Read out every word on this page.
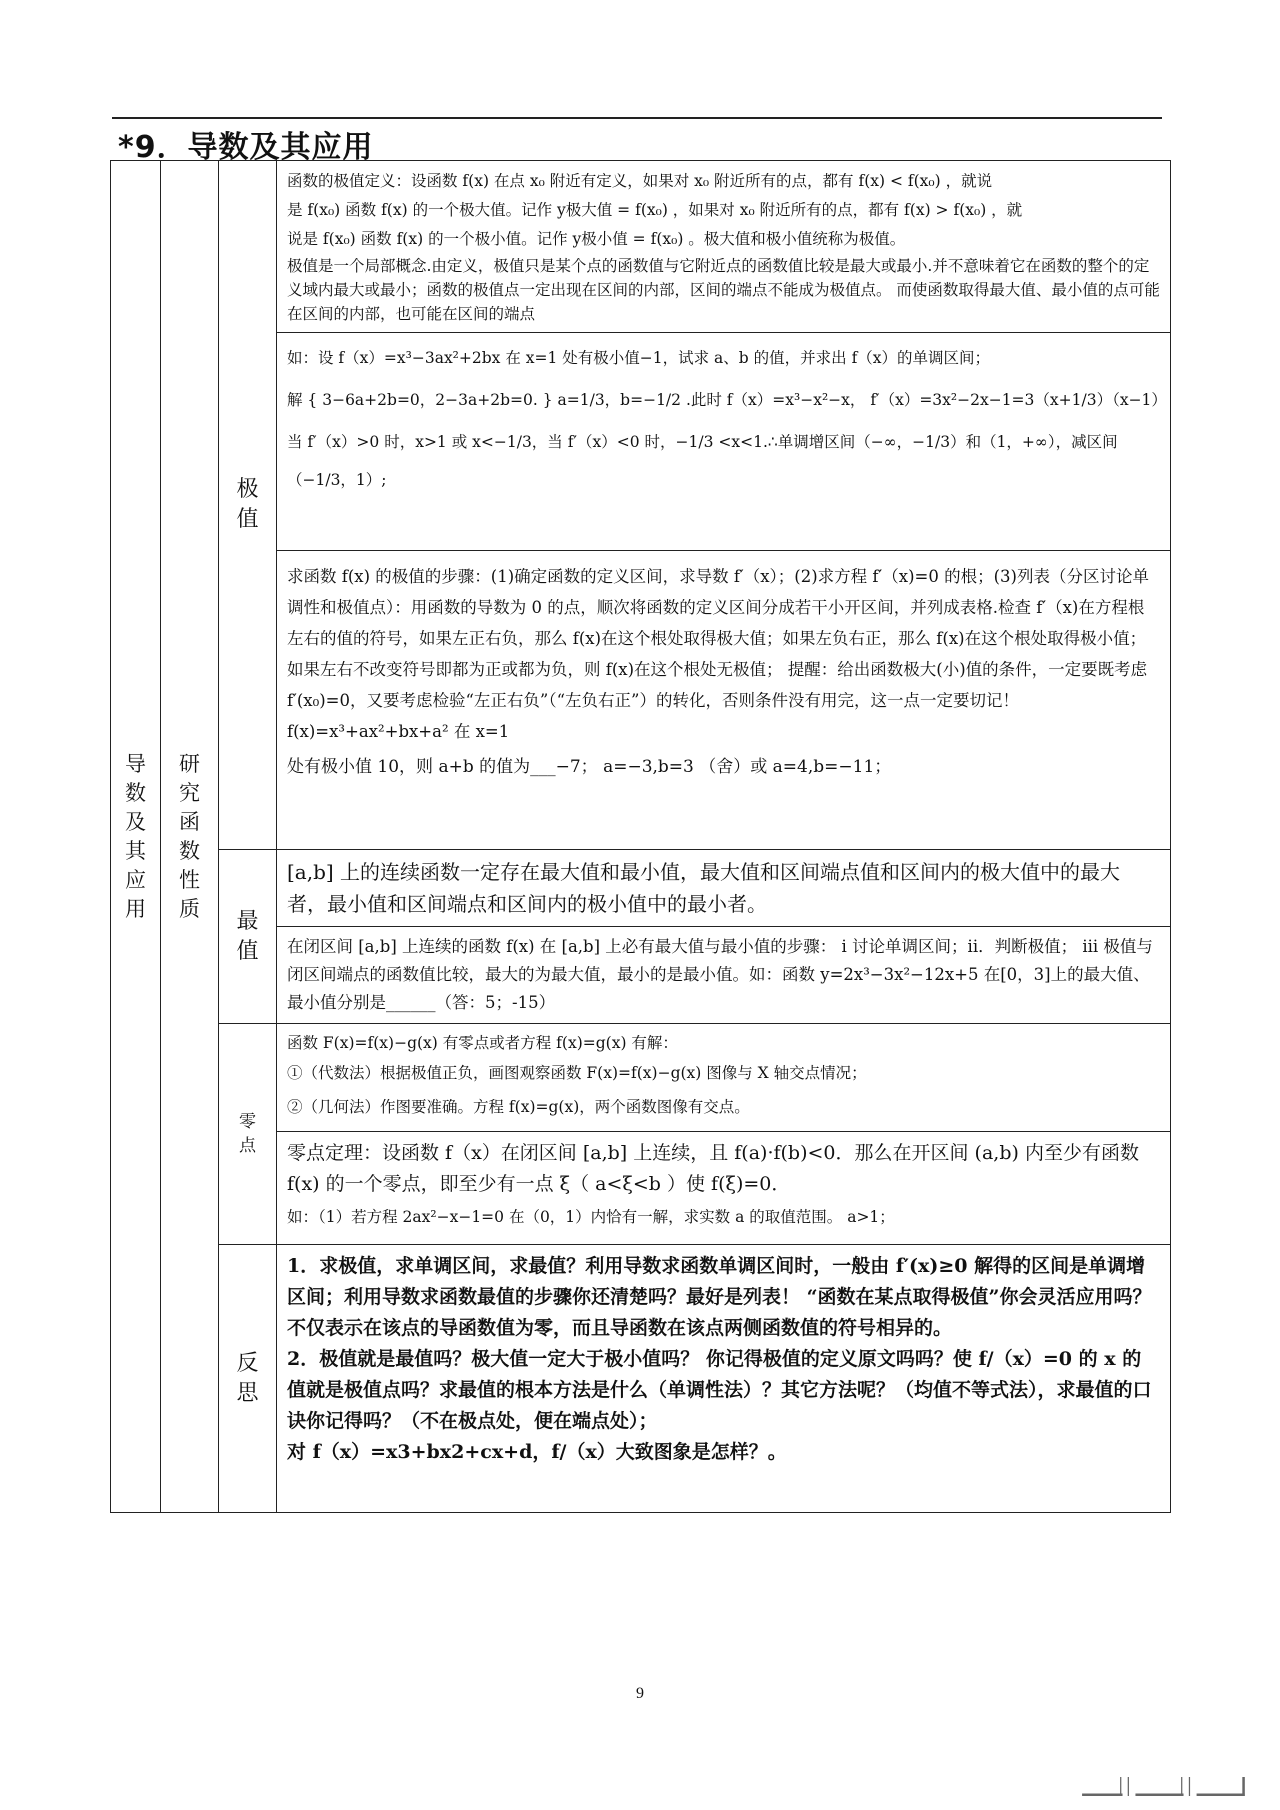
*9．导数及其应用
导数及其应用	研究函数性质	极值	函数的极值定义：设函数 f(x) 在点 x₀ 附近有定义，如果对 x₀ 附近所有的点，都有 f(x) < f(x₀) ，就说
是 f(x₀) 函数 f(x) 的一个极大值。记作 y极大值 = f(x₀) ，如果对 x₀ 附近所有的点，都有 f(x) > f(x₀) ，就
说是 f(x₀) 函数 f(x) 的一个极小值。记作 y极小值 = f(x₀) 。极大值和极小值统称为极值。
极值是一个局部概念.由定义，极值只是某个点的函数值与它附近点的函数值比较是最大或最小.并不意味着它在函数的整个的定义域内最大或最小；函数的极值点一定出现在区间的内部，区间的端点不能成为极值点。 而使函数取得最大值、最小值的点可能在区间的内部，也可能在区间的端点

			如：设 f（x）=x³−3ax²+2bx 在 x=1 处有极小值−1，试求 a、b 的值，并求出 f（x）的单调区间；
解 { 3−6a+2b=0，2−3a+2b=0. } a=1/3，b=−1/2 .此时 f（x）=x³−x²−x， f′（x）=3x²−2x−1=3（x+1/3）（x−1）
当 f′（x）>0 时，x>1 或 x<−1/3，当 f′（x）<0 时，−1/3 <x<1.∴单调增区间（−∞，−1/3）和（1，+∞），减区间（−1/3，1）;

			求函数 f(x) 的极值的步骤：(1)确定函数的定义区间，求导数 f′（x）；(2)求方程 f′（x)=0 的根；(3)列表（分区讨论单调性和极值点）：用函数的导数为 0 的点，顺次将函数的定义区间分成若干小开区间，并列成表格.检查 f′（x)在方程根左右的值的符号，如果左正右负，那么 f(x)在这个根处取得极大值；如果左负右正，那么 f(x)在这个根处取得极小值；如果左右不改变符号即都为正或都为负，则 f(x)在这个根处无极值； 提醒：给出函数极大(小)值的条件，一定要既考虑 f′(x₀)=0，又要考虑检验“左正右负”（“左负右正”）的转化，否则条件没有用完，这一点一定要切记！ f(x)=x³+ax²+bx+a² 在 x=1
处有极小值 10，则 a+b 的值为___−7； a=−3,b=3 （舍）或 a=4,b=−11；

		最值	[a,b] 上的连续函数一定存在最大值和最小值，最大值和区间端点值和区间内的极大值中的最大者，最小值和区间端点和区间内的极小值中的最小者。

			在闭区间 [a,b] 上连续的函数 f(x) 在 [a,b] 上必有最大值与最小值的步骤： i 讨论单调区间；ii．判断极值； iii 极值与闭区间端点的函数值比较，最大的为最大值，最小的是最小值。如：函数 y=2x³−3x²−12x+5 在[0，3]上的最大值、最小值分别是______（答：5；-15）

		零点	函数 F(x)=f(x)−g(x) 有零点或者方程 f(x)=g(x) 有解：
①（代数法）根据极值正负，画图观察函数 F(x)=f(x)−g(x) 图像与 X 轴交点情况；
②（几何法）作图要准确。方程 f(x)=g(x)，两个函数图像有交点。

			零点定理：设函数 f（x）在闭区间 [a,b] 上连续，且 f(a)·f(b)<0．那么在开区间 (a,b) 内至少有函数 f(x) 的一个零点，即至少有一点 ξ（ a<ξ<b ）使 f(ξ)=0．
如：（1）若方程 2ax²−x−1=0 在（0，1）内恰有一解，求实数 a 的取值范围。 a>1；

		反思	1．求极值，求单调区间，求最值？利用导数求函数单调区间时，一般由 f′(x)≥0 解得的区间是单调增区间；利用导数求函数最值的步骤你还清楚吗？最好是列表！ “函数在某点取得极值”你会灵活应用吗？不仅表示在该点的导函数值为零，而且导函数在该点两侧函数值的符号相异的。
2．极值就是最值吗？极大值一定大于极小值吗？ 你记得极值的定义原文吗吗？使 f/（x）=0 的 x 的值就是极值点吗？求最值的根本方法是什么（单调性法）？其它方法呢？（均值不等式法），求最值的口诀你记得吗？（不在极点处，便在端点处）；
对 f（x）=x3+bx2+cx+d，f/（x）大致图象是怎样？。
9
▁▁▁▁▁▏▏▁▁▁▁▁▁▏▏▁▁▁▁▁▁▎
